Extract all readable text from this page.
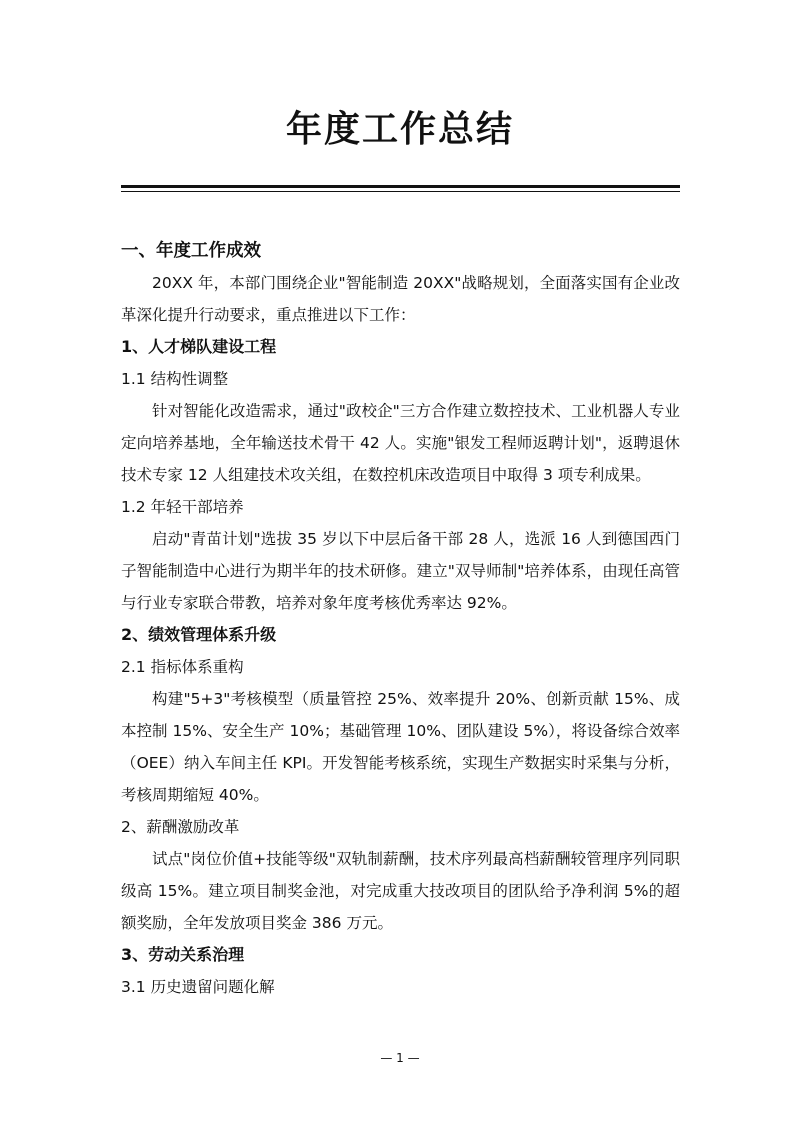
年度工作总结
一、年度工作成效
20XX 年，本部门围绕企业"智能制造 20XX"战略规划，全面落实国有企业改革深化提升行动要求，重点推进以下工作：
1、人才梯队建设工程
1.1 结构性调整
针对智能化改造需求，通过"政校企"三方合作建立数控技术、工业机器人专业定向培养基地，全年输送技术骨干 42 人。实施"银发工程师返聘计划"，返聘退休技术专家 12 人组建技术攻关组，在数控机床改造项目中取得 3 项专利成果。
1.2 年轻干部培养
启动"青苗计划"选拔 35 岁以下中层后备干部 28 人，选派 16 人到德国西门子智能制造中心进行为期半年的技术研修。建立"双导师制"培养体系，由现任高管与行业专家联合带教，培养对象年度考核优秀率达 92%。
2、绩效管理体系升级
2.1 指标体系重构
构建"5+3"考核模型（质量管控 25%、效率提升 20%、创新贡献 15%、成本控制 15%、安全生产 10%；基础管理 10%、团队建设 5%），将设备综合效率（OEE）纳入车间主任 KPI。开发智能考核系统，实现生产数据实时采集与分析，考核周期缩短 40%。
2、薪酬激励改革
试点"岗位价值+技能等级"双轨制薪酬，技术序列最高档薪酬较管理序列同职级高 15%。建立项目制奖金池，对完成重大技改项目的团队给予净利润 5%的超额奖励，全年发放项目奖金 386 万元。
3、劳动关系治理
3.1 历史遗留问题化解
— 1 —
